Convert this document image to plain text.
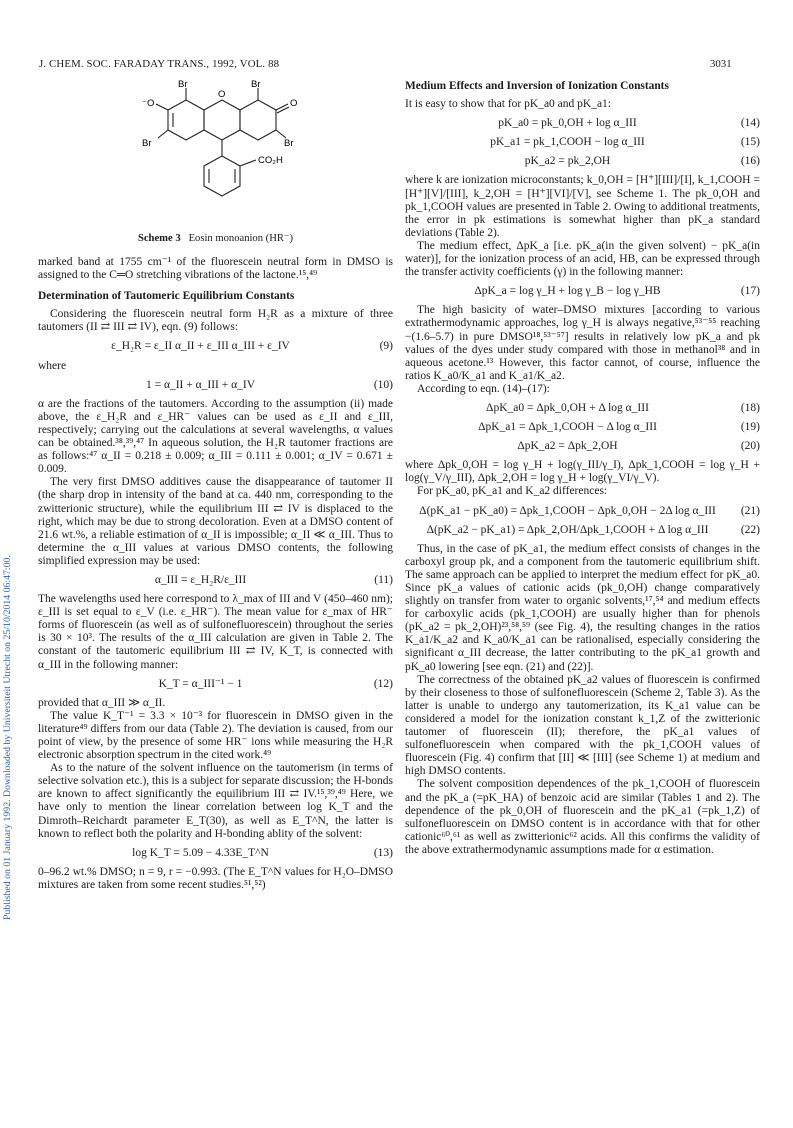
Published on 01 January 1992. Downloaded by Universiteit Utrecht on 25/10/2014 06:47:00.
J. CHEM. SOC. FARADAY TRANS., 1992, VOL. 88	3031
Br	Br
Br	Br
⁻O
O
O
CO₂H
Scheme 3 Eosin monoanion (HR⁻)

marked band at 1755 cm⁻¹ of the fluorescein neutral form in DMSO is assigned to the C═O stretching vibrations of the lactone.¹⁵,⁴⁹

Determination of Tautomeric Equilibrium Constants

Considering the fluorescein neutral form H₂R as a mixture of three tautomers (II ⇄ III ⇄ IV), eqn. (9) follows:

ε_H₂R = ε_II α_II + ε_III α_III + ε_IV	(9)

where

1 = α_II + α_III + α_IV	(10)

α are the fractions of the tautomers. According to the assumption (ii) made above, the ε_H₂R and ε_HR⁻ values can be used as ε_II and ε_III, respectively; carrying out the calculations at several wavelengths, α values can be obtained.³⁸,³⁹,⁴⁷ In aqueous solution, the H₂R tautomer fractions are as follows:⁴⁷ α_II = 0.218 ± 0.009; α_III = 0.111 ± 0.001; α_IV = 0.671 ± 0.009.

The very first DMSO additives cause the disappearance of tautomer II (the sharp drop in intensity of the band at ca. 440 nm, corresponding to the zwitterionic structure), while the equilibrium III ⇄ IV is displaced to the right, which may be due to strong decoloration. Even at a DMSO content of 21.6 wt.%, a reliable estimation of α_II is impossible; α_II ≪ α_III. Thus to determine the α_III values at various DMSO contents, the following simplified expression may be used:

α_III = ε_H₂R/ε_III	(11)

The wavelengths used here correspond to λ_max of III and V (450–460 nm); ε_III is set equal to ε_V (i.e. ε_HR⁻). The mean value for ε_max of HR⁻ forms of fluorescein (as well as of sulfonefluorescein) throughout the series is 30 × 10³. The results of the α_III calculation are given in Table 2. The constant of the tautomeric equilibrium III ⇄ IV, K_T, is connected with α_III in the following manner:

K_T = α_III⁻¹ − 1	(12)

provided that α_III ≫ α_II.

The value K_T⁻¹ = 3.3 × 10⁻³ for fluorescein in DMSO given in the literature⁴⁹ differs from our data (Table 2). The deviation is caused, from our point of view, by the presence of some HR⁻ ions while measuring the H₂R electronic absorption spectrum in the cited work.⁴⁹

As to the nature of the solvent influence on the tautomerism (in terms of selective solvation etc.), this is a subject for separate discussion; the H-bonds are known to affect significantly the equilibrium III ⇄ IV.¹⁵,³⁹,⁴⁹ Here, we have only to mention the linear correlation between log K_T and the Dimroth–Reichardt parameter E_T(30), as well as E_T^N, the latter is known to reflect both the polarity and H-bonding ablity of the solvent:

log K_T = 5.09 − 4.33E_T^N	(13)

0–96.2 wt.% DMSO; n = 9, r = −0.993. (The E_T^N values for H₂O–DMSO mixtures are taken from some recent studies.⁵¹,⁵²)

Medium Effects and Inversion of Ionization Constants

It is easy to show that for pK_a0 and pK_a1:

pK_a0 = pk_0,OH + log α_III	(14)
pK_a1 = pk_1,COOH − log α_III	(15)
pK_a2 = pk_2,OH	(16)

where k are ionization microconstants; k_0,OH = [H⁺][III]/[I], k_1,COOH = [H⁺][V]/[III], k_2,OH = [H⁺][VI]/[V], see Scheme 1. The pk_0,OH and pk_1,COOH values are presented in Table 2. Owing to additional treatments, the error in pk estimations is somewhat higher than pK_a standard deviations (Table 2).

The medium effect, ΔpK_a [i.e. pK_a(in the given solvent) − pK_a(in water)], for the ionization process of an acid, HB, can be expressed through the transfer activity coefficients (γ) in the following manner:

ΔpK_a = log γ_H + log γ_B − log γ_HB	(17)

The high basicity of water–DMSO mixtures [according to various extrathermodynamic approaches, log γ_H is always negative,⁵³⁻⁵⁵ reaching −(1.6–5.7) in pure DMSO¹⁸,⁵³⁻⁵⁷] results in relatively low pK_a and pk values of the dyes under study compared with those in methanol³⁸ and in aqueous acetone.¹³ However, this factor cannot, of course, influence the ratios K_a0/K_a1 and K_a1/K_a2.

According to eqn. (14)–(17):

ΔpK_a0 = Δpk_0,OH + Δ log α_III	(18)
ΔpK_a1 = Δpk_1,COOH − Δ log α_III	(19)
ΔpK_a2 = Δpk_2,OH	(20)

where Δpk_0,OH = log γ_H + log(γ_III/γ_I), Δpk_1,COOH = log γ_H + log(γ_V/γ_III), Δpk_2,OH = log γ_H + log(γ_VI/γ_V).

For pK_a0, pK_a1 and K_a2 differences:

Δ(pK_a1 − pK_a0) = Δpk_1,COOH − Δpk_0,OH − 2Δ log α_III	(21)
Δ(pK_a2 − pK_a1) = Δpk_2,OH/Δpk_1,COOH + Δ log α_III	(22)

Thus, in the case of pK_a1, the medium effect consists of changes in the carboxyl group pk, and a component from the tautomeric equilibrium shift. The same approach can be applied to interpret the medium effect for pK_a0. Since pK_a values of cationic acids (pk_0,OH) change comparatively slightly on transfer from water to organic solvents,¹⁷,⁵⁴ and medium effects for carboxylic acids (pk_1,COOH) are usually higher than for phenols (pK_a2 = pk_2,OH)²³,⁵⁸,⁵⁹ (see Fig. 4), the resulting changes in the ratios K_a1/K_a2 and K_a0/K_a1 can be rationalised, especially considering the significant α_III decrease, the latter contributing to the pK_a1 growth and pK_a0 lowering [see eqn. (21) and (22)].

The correctness of the obtained pK_a2 values of fluorescein is confirmed by their closeness to those of sulfonefluorescein (Scheme 2, Table 3). As the latter is unable to undergo any tautomerization, its K_a1 value can be considered a model for the ionization constant k_1,Z of the zwitterionic tautomer of fluorescein (II); therefore, the pK_a1 values of sulfonefluorescein when compared with the pk_1,COOH values of fluorescein (Fig. 4) confirm that [II] ≪ [III] (see Scheme 1) at medium and high DMSO contents.

The solvent composition dependences of the pk_1,COOH of fluorescein and the pK_a (=pK_HA) of benzoic acid are similar (Tables 1 and 2). The dependence of the pk_0,OH of fluorescein and the pK_a1 (=pk_1,Z) of sulfonefluorescein on DMSO content is in accordance with that for other cationic⁶⁰,⁶¹ as well as zwitterionic⁶² acids. All this confirms the validity of the above extrathermodynamic assumptions made for α estimation.
